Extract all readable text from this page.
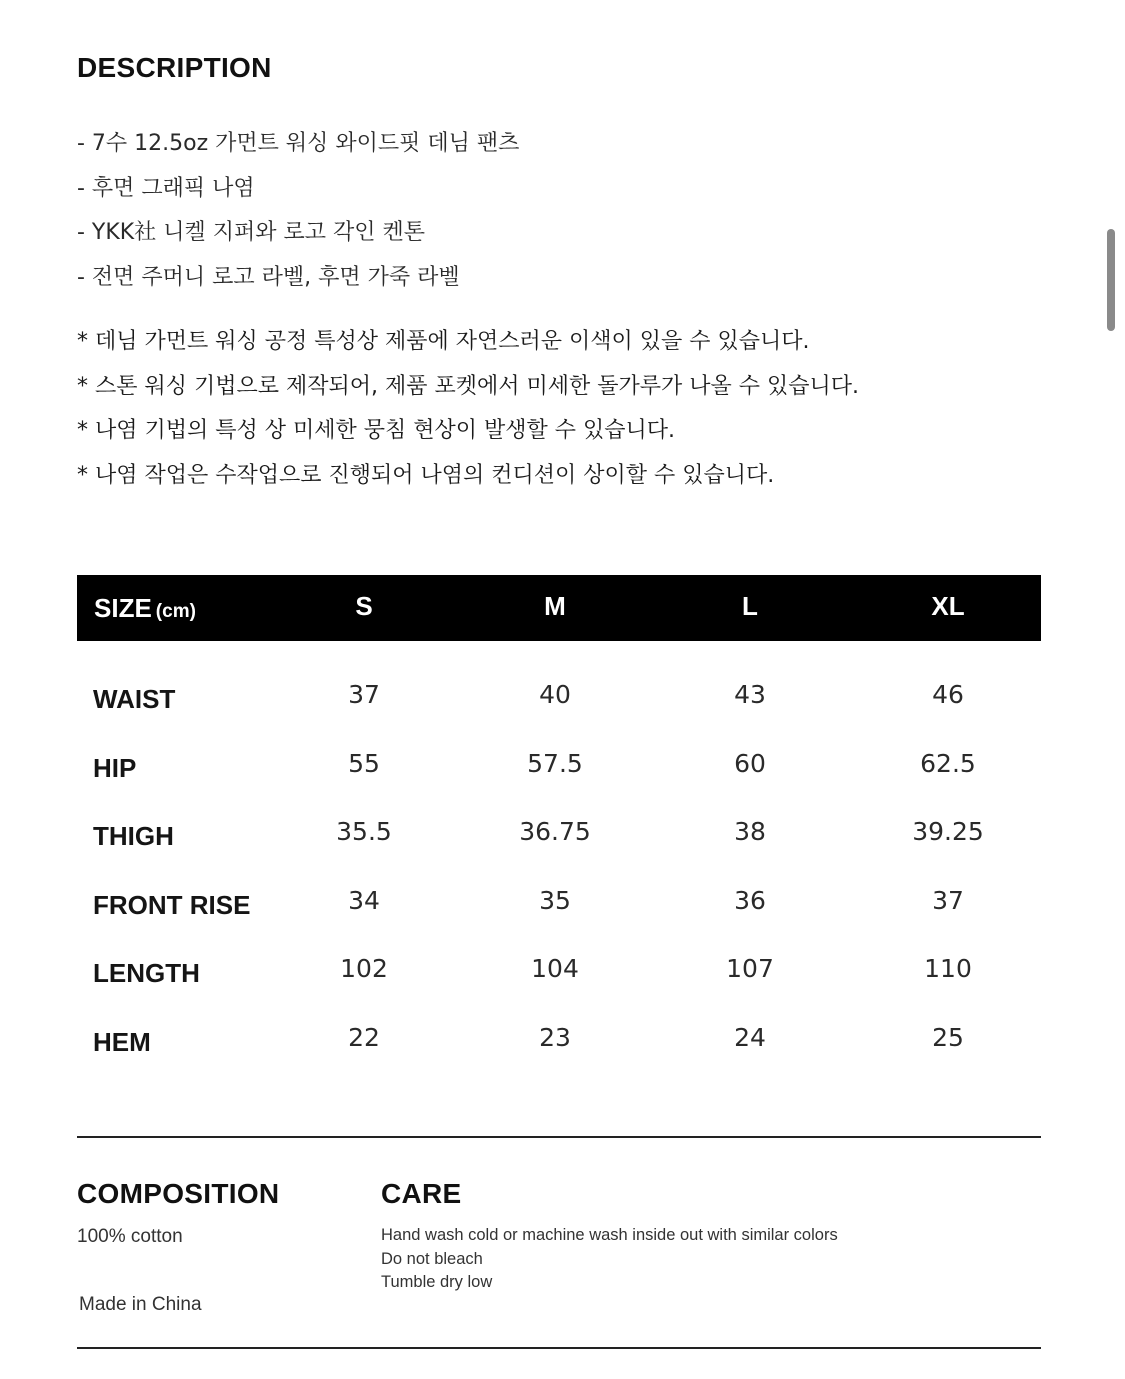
DESCRIPTION
- 7수 12.5oz 가먼트 워싱 와이드핏 데님 팬츠
- 후면 그래픽 나염
- YKK社 니켈 지퍼와 로고 각인 켄톤
- 전면 주머니 로고 라벨, 후면 가죽 라벨
* 데님 가먼트 워싱 공정 특성상 제품에 자연스러운 이색이 있을 수 있습니다.
* 스톤 워싱 기법으로 제작되어, 제품 포켓에서 미세한 돌가루가 나올 수 있습니다.
* 나염 기법의 특성 상 미세한 뭉침 현상이 발생할 수 있습니다.
* 나염 작업은 수작업으로 진행되어 나염의 컨디션이 상이할 수 있습니다.
SIZE (cm)	S	M	L	XL
WAIST	37	40	43	46
HIP	55	57.5	60	62.5
THIGH	35.5	36.75	38	39.25
FRONT RISE	34	35	36	37
LENGTH	102	104	107	110
HEM	22	23	24	25
COMPOSITION
100% cotton
Made in China
CARE
Hand wash cold or machine wash inside out with similar colors
Do not bleach
Tumble dry low
